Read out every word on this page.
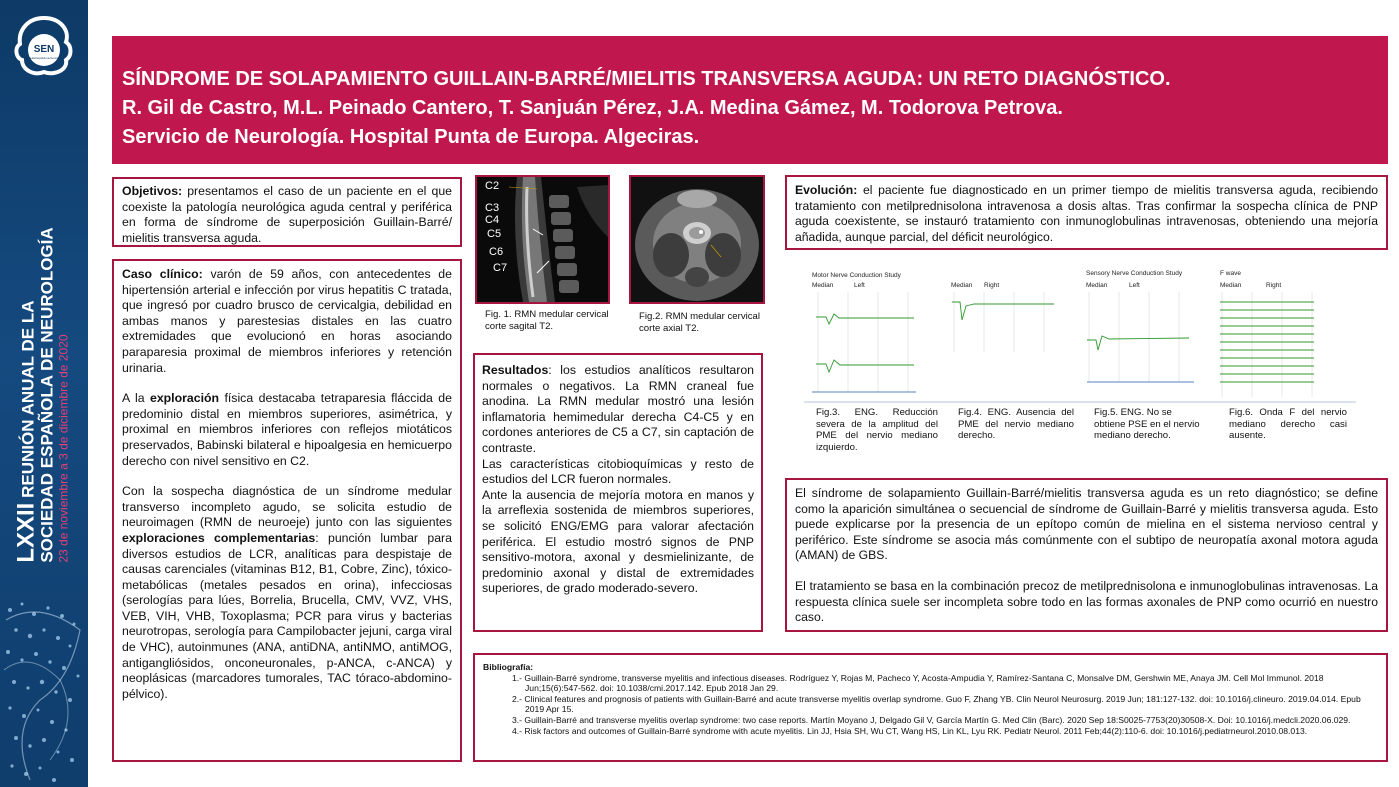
SEN
Sociedad Española de Neurología
LXXII REUNIÓN ANUAL DE LA SOCIEDAD ESPAÑOLA DE NEUROLOGÍA 23 de noviembre a 3 de diciembre de 2020
SÍNDROME DE SOLAPAMIENTO GUILLAIN-BARRÉ/MIELITIS TRANSVERSA AGUDA: UN RETO DIAGNÓSTICO.
R. Gil de Castro, M.L. Peinado Cantero, T. Sanjuán Pérez, J.A. Medina Gámez, M. Todorova Petrova.
Servicio de Neurología. Hospital Punta de Europa. Algeciras.

Objetivos: presentamos el caso de un paciente en el que coexiste la patología neurológica aguda central y periférica en forma de síndrome de superposición Guillain-Barré/ mielitis transversa aguda.

Caso clínico: varón de 59 años, con antecedentes de hipertensión arterial e infección por virus hepatitis C tratada, que ingresó por cuadro brusco de cervicalgia, debilidad en ambas manos y parestesias distales en las cuatro extremidades que evolucionó en horas asociando paraparesia proximal de miembros inferiores y retención urinaria.

A la exploración física destacaba tetraparesia fláccida de predominio distal en miembros superiores, asimétrica, y proximal en miembros inferiores con reflejos miotáticos preservados, Babinski bilateral e hipoalgesia en hemicuerpo derecho con nivel sensitivo en C2.

Con la sospecha diagnóstica de un síndrome medular transverso incompleto agudo, se solicita estudio de neuroimagen (RMN de neuroeje) junto con las siguientes exploraciones complementarias: punción lumbar para diversos estudios de LCR, analíticas para despistaje de causas carenciales (vitaminas B12, B1, Cobre, Zinc), tóxico-metabólicas (metales pesados en orina), infecciosas (serologías para lúes, Borrelia, Brucella, CMV, VVZ, VHS, VEB, VIH, VHB, Toxoplasma; PCR para virus y bacterias neurotropas, serología para Campilobacter jejuni, carga viral de VHC), autoinmunes (ANA, antiDNA, antiNMO, antiMOG, antigangliósidos, onconeuronales, p-ANCA, c-ANCA) y neoplásicas (marcadores tumorales, TAC tóraco-abdomino-pélvico).

C2
C3
C4
C5
C6
C7
Fig. 1. RMN medular cervical corte sagital T2.
Fig.2. RMN medular cervical corte axial T2.

Resultados: los estudios analíticos resultaron normales o negativos. La RMN craneal fue anodina. La RMN medular mostró una lesión inflamatoria hemimedular derecha C4-C5 y en cordones anteriores de C5 a C7, sin captación de contraste.

Las características citobioquímicas y resto de estudios del LCR fueron normales.

Ante la ausencia de mejoría motora en manos y la arreflexia sostenida de miembros superiores, se solicitó ENG/EMG para valorar afectación periférica. El estudio mostró signos de PNP sensitivo-motora, axonal y desmielinizante, de predominio axonal y distal de extremidades superiores, de grado moderado-severo.

Evolución: el paciente fue diagnosticado en un primer tiempo de mielitis transversa aguda, recibiendo tratamiento con metilprednisolona intravenosa a dosis altas. Tras confirmar la sospecha clínica de PNP aguda coexistente, se instauró tratamiento con inmunoglobulinas intravenosas, obteniendo una mejoría añadida, aunque parcial, del déficit neurológico.

Motor Nerve Conduction Study
Median	Left	Median Right
Sensory Nerve Conduction Study
Median	Left
F wave
Median	Right
Fig.3. ENG. Reducción severa de la amplitud del PME del nervio mediano izquierdo.
Fig.4. ENG. Ausencia del PME del nervio mediano derecho.
Fig.5. ENG. No se obtiene PSE en el nervio mediano derecho.
Fig.6. Onda F del nervio mediano derecho casi ausente.

El síndrome de solapamiento Guillain-Barré/mielitis transversa aguda es un reto diagnóstico; se define como la aparición simultánea o secuencial de síndrome de Guillain-Barré y mielitis transversa aguda. Esto puede explicarse por la presencia de un epítopo común de mielina en el sistema nervioso central y periférico. Este síndrome se asocia más comúnmente con el subtipo de neuropatía axonal motora aguda (AMAN) de GBS.

El tratamiento se basa en la combinación precoz de metilprednisolona e inmunoglobulinas intravenosas. La respuesta clínica suele ser incompleta sobre todo en las formas axonales de PNP como ocurrió en nuestro caso.

Bibliografía:

1.- Guillain-Barré syndrome, transverse myelitis and infectious diseases. Rodríguez Y, Rojas M, Pacheco Y, Acosta-Ampudia Y, Ramírez-Santana C, Monsalve DM, Gershwin ME, Anaya JM. Cell Mol Immunol. 2018 Jun;15(6):547-562. doi: 10.1038/cmi.2017.142. Epub 2018 Jan 29.

2.- Clinical features and prognosis of patients with Guillain-Barré and acute transverse myelitis overlap syndrome. Guo F, Zhang YB. Clin Neurol Neurosurg. 2019 Jun; 181:127-132. doi: 10.1016/j.clineuro. 2019.04.014. Epub 2019 Apr 15.

3.- Guillain-Barré and transverse myelitis overlap syndrome: two case reports. Martín Moyano J, Delgado Gil V, García Martín G. Med Clin (Barc). 2020 Sep 18:S0025-7753(20)30508-X. Doi: 10.1016/j.medcli.2020.06.029.

4.- Risk factors and outcomes of Guillain-Barré syndrome with acute myelitis. Lin JJ, Hsia SH, Wu CT, Wang HS, Lin KL, Lyu RK. Pediatr Neurol. 2011 Feb;44(2):110-6. doi: 10.1016/j.pediatrneurol.2010.08.013.
